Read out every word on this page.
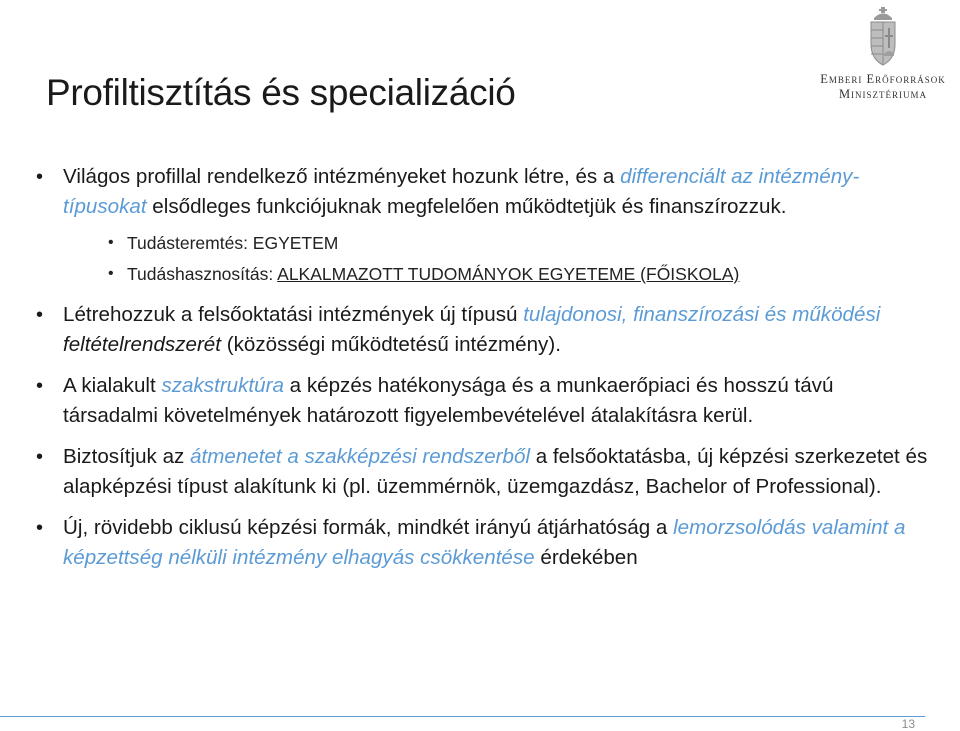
Profiltisztítás és specializáció	Emberi Erőforrások
Minisztériuma
• Világos profillal rendelkező intézményeket hozunk létre, és a differenciált az intézmény-típusokat elsődleges funkciójuknak megfelelően működtetjük és finanszírozzuk.
• Tudásteremtés: EGYETEM
• Tudáshasznosítás: ALKALMAZOTT TUDOMÁNYOK EGYETEME (FŐISKOLA)
• Létrehozzuk a felsőoktatási intézmények új típusú tulajdonosi, finanszírozási és működési feltételrendszerét (közösségi működtetésű intézmény).
• A kialakult szakstruktúra a képzés hatékonysága és a munkaerőpiaci és hosszú távú társadalmi követelmények határozott figyelembevételével átalakításra kerül.
• Biztosítjuk az átmenetet a szakképzési rendszerből a felsőoktatásba, új képzési szerkezetet és alapképzési típust alakítunk ki (pl. üzemmérnök, üzemgazdász, Bachelor of Professional).
• Új, rövidebb ciklusú képzési formák, mindkét irányú átjárhatóság a lemorzsolódás valamint a képzettség nélküli intézmény elhagyás csökkentése érdekében
13
